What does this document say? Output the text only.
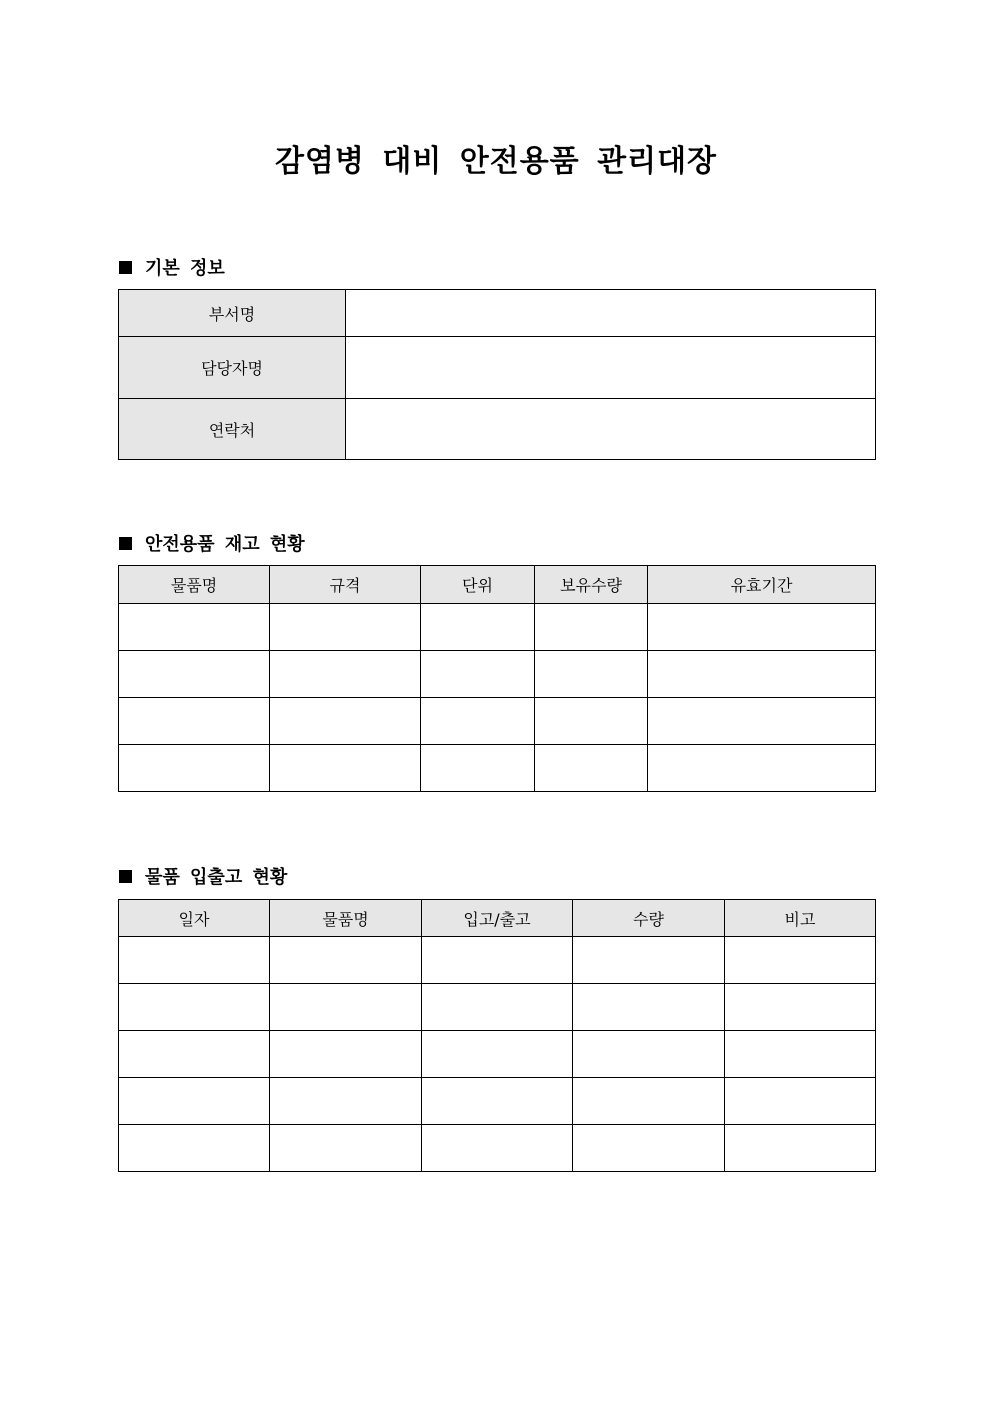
감염병 대비 안전용품 관리대장
기본 정보
부서명	
담당자명	
연락처	
안전용품 재고 현황
물품명	규격	단위	보유수량	유효기간

물품 입출고 현황
일자	물품명	입고/출고	수량	비고
